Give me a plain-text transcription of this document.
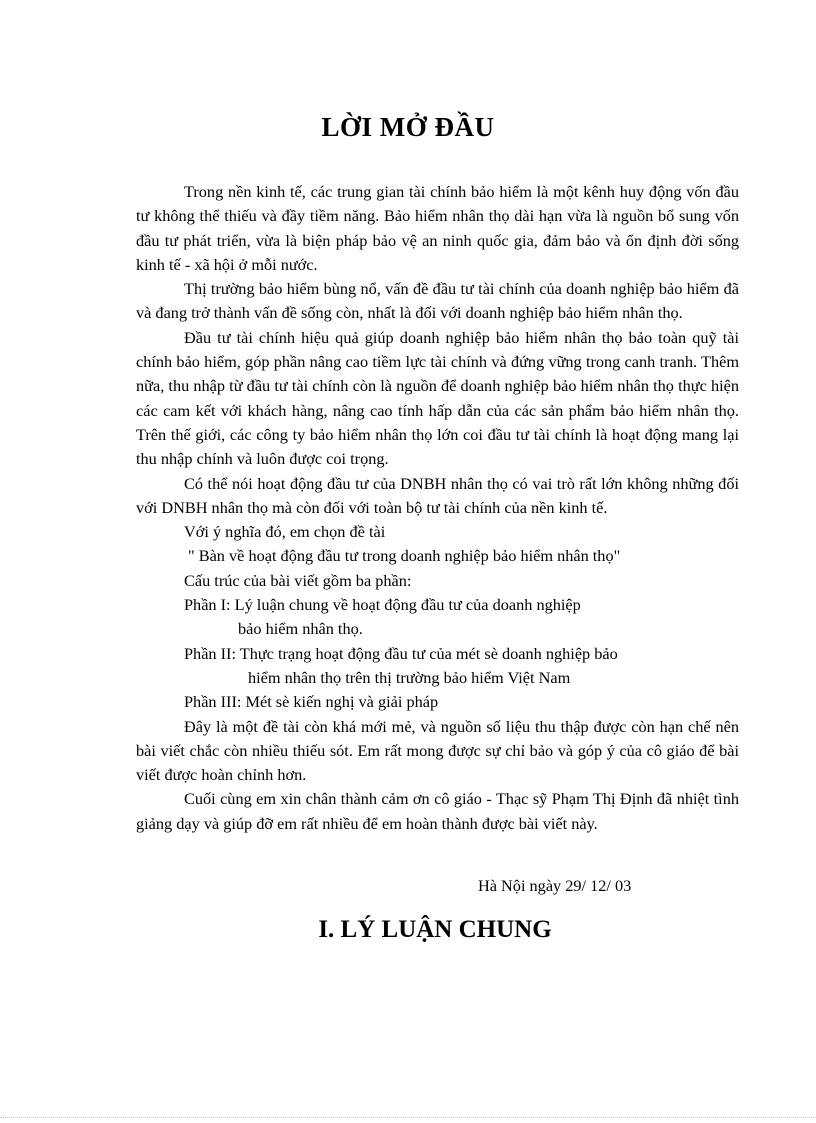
LỜI MỞ ĐẦU

Trong nền kinh tế, các trung gian tài chính bảo hiểm là một kênh huy động vốn đầu tư không thể thiếu và đầy tiềm năng. Bảo hiểm nhân thọ dài hạn vừa là nguồn bổ sung vốn đầu tư phát triển, vừa là biện pháp bảo vệ an ninh quốc gia, đảm bảo và ổn định đời sống kinh tế - xã hội ở mỗi nước.

Thị trường bảo hiểm bùng nổ, vấn đề đầu tư tài chính của doanh nghiệp bảo hiểm đã và đang trở thành vấn đề sống còn, nhất là đối với doanh nghiệp bảo hiểm nhân thọ.

Đầu tư tài chính hiệu quả giúp doanh nghiệp bảo hiểm nhân thọ bảo toàn quỹ tài chính bảo hiểm, góp phần nâng cao tiềm lực tài chính và đứng vững trong canh tranh. Thêm nữa, thu nhập từ đầu tư tài chính còn là nguồn để doanh nghiệp bảo hiểm nhân thọ thực hiện các cam kết với khách hàng, nâng cao tính hấp dẫn của các sản phẩm bảo hiểm nhân thọ. Trên thế giới, các công ty bảo hiểm nhân thọ lớn coi đầu tư tài chính là hoạt động mang lại thu nhập chính và luôn được coi trọng.

Có thể nói hoạt động đầu tư của DNBH nhân thọ có vai trò rất lớn không những đối với DNBH nhân thọ mà còn đối với toàn bộ tư tài chính của nền kinh tế.

Với ý nghĩa đó, em chọn đề tài

" Bàn về hoạt động đầu tư trong doanh nghiệp bảo hiểm nhân thọ"

Cấu trúc của bài viết gồm ba phần:

Phần I: Lý luận chung về hoạt động đầu tư của doanh nghiệp

bảo hiểm nhân thọ.

Phần II: Thực trạng hoạt động đầu tư của mét sè doanh nghiệp bảo

hiểm nhân thọ trên thị trường bảo hiểm Việt Nam

Phần III: Mét sè kiến nghị và giải pháp

Đây là một đề tài còn khá mới mẻ, và nguồn số liệu thu thập được còn hạn chế nên bài viết chắc còn nhiều thiếu sót. Em rất mong được sự chỉ bảo và góp ý của cô giáo để bài viết được hoàn chỉnh hơn.

Cuối cùng em xin chân thành cảm ơn cô giáo - Thạc sỹ Phạm Thị Định đã nhiệt tình giảng dạy và giúp đỡ em rất nhiều để em hoàn thành được bài viết này.

Hà Nội ngày 29/ 12/ 03

I. LÝ LUẬN CHUNG
